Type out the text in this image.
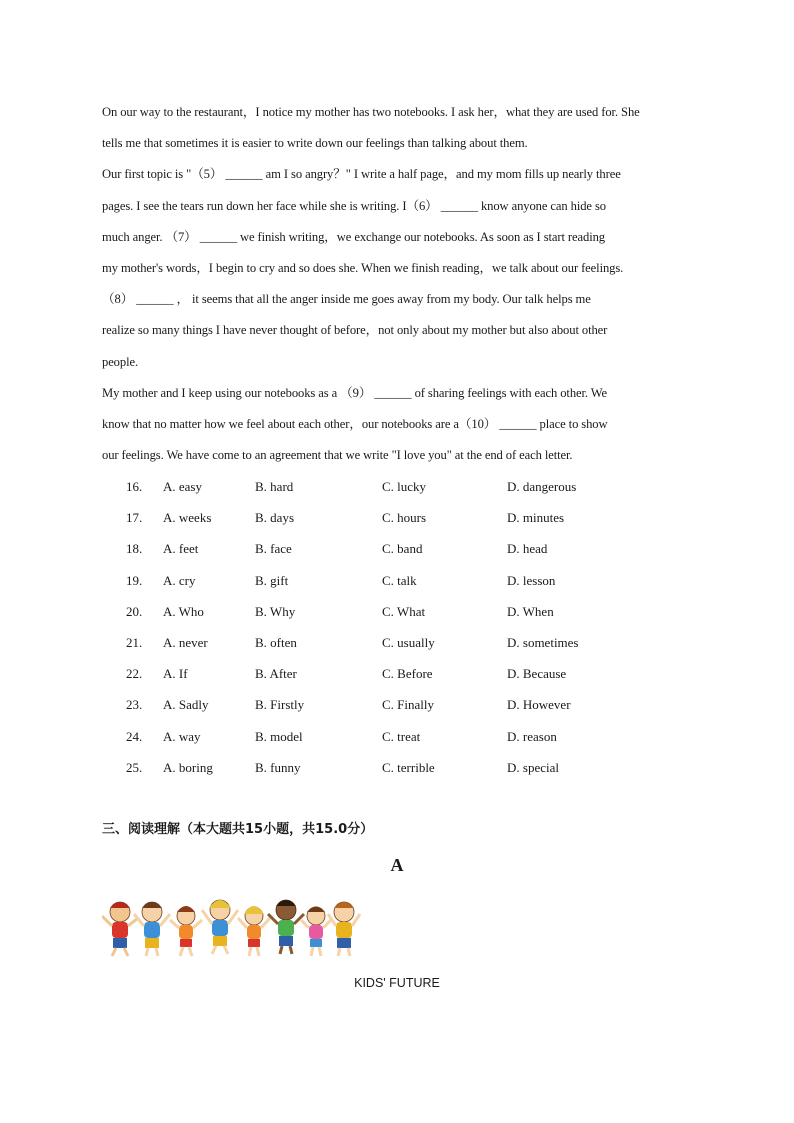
On our way to the restaurant，I notice my mother has two notebooks. I ask her，what they are used for. She

tells me that sometimes it is easier to write down our feelings than talking about them.

Our first topic is "（5） ______ am I so angry？" I write a half page，and my mom fills up nearly three

pages. I see the tears run down her face while she is writing. I（6） ______ know anyone can hide so

much anger. （7） ______ we finish writing，we exchange our notebooks. As soon as I start reading

my mother's words，I begin to cry and so does she. When we finish reading，we talk about our feelings.

（8） ______ ， it seems that all the anger inside me goes away from my body. Our talk helps me

realize so many things I have never thought of before，not only about my mother but also about other

people.

My mother and I keep using our notebooks as a （9） ______ of sharing feelings with each other. We

know that no matter how we feel about each other，our notebooks are a（10） ______ place to show

our feelings. We have come to an agreement that we write "I love you" at the end of each letter.

16. A. easy	B. hard	C. lucky	D. dangerous
17. A. weeks	B. days	C. hours	D. minutes
18. A. feet	B. face	C. band	D. head
19. A. cry	B. gift	C. talk	D. lesson
20. A. Who	B. Why	C. What	D. When
21. A. never	B. often	C. usually	D. sometimes
22. A. If	B. After	C. Before	D. Because
23. A. Sadly	B. Firstly	C. Finally	D. However
24. A. way	B. model	C. treat	D. reason
25. A. boring	B. funny	C. terrible	D. special
三、阅读理解（本大题共15小题，共15.0分）
A
KIDS' FUTURE
